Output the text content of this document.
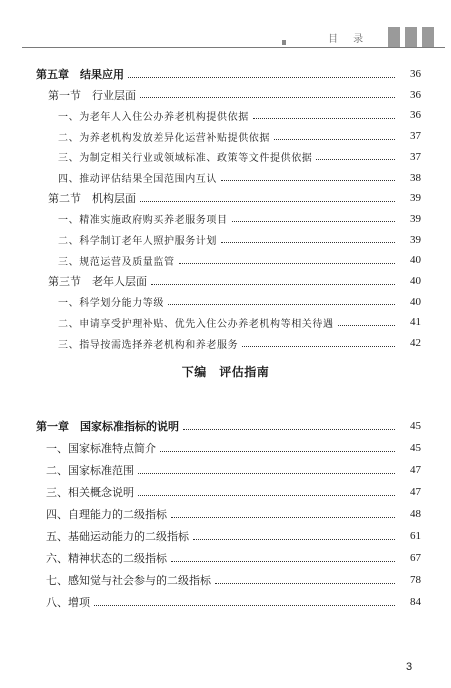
目 录
第五章　结果应用	36
第一节　行业层面	36
一、为老年人入住公办养老机构提供依据	36
二、为养老机构发放差异化运营补贴提供依据	37
三、为制定相关行业或领域标准、政策等文件提供依据	37
四、推动评估结果全国范围内互认	38
第二节　机构层面	39
一、精准实施政府购买养老服务项目	39
二、科学制订老年人照护服务计划	39
三、规范运营及质量监管	40
第三节　老年人层面	40
一、科学划分能力等级	40
二、申请享受护理补贴、优先入住公办养老机构等相关待遇	41
三、指导按需选择养老机构和养老服务	42
下编　评估指南
第一章　国家标准指标的说明	45
一、国家标准特点简介	45
二、国家标准范围	47
三、相关概念说明	47
四、自理能力的二级指标	48
五、基础运动能力的二级指标	61
六、精神状态的二级指标	67
七、感知觉与社会参与的二级指标	78
八、增项	84
3
